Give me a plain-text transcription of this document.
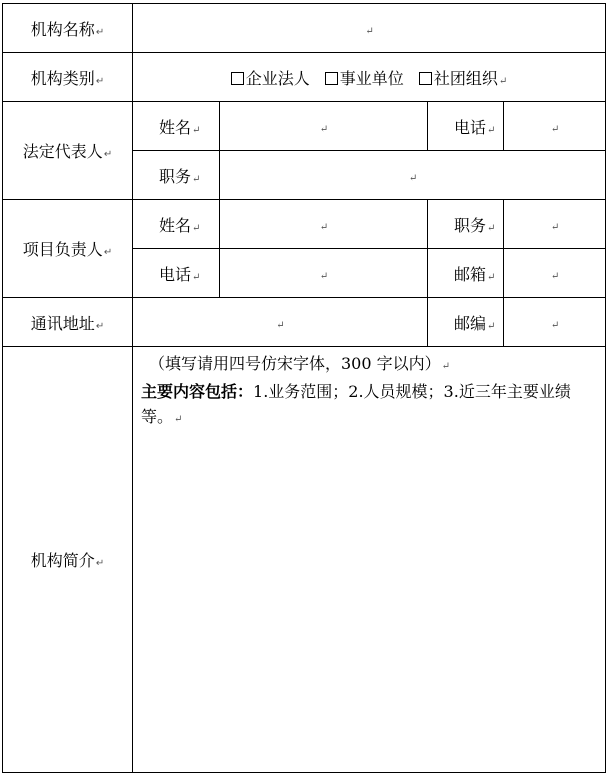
机构名称↵	↵			
机构类别↵	企业法人 事业单位 社团组织↵			
法定代表人↵	姓名↵	↵	电话↵	↵
	职务↵	↵		
项目负责人↵	姓名↵	↵	职务↵	↵
	电话↵	↵	邮箱↵	↵
通讯地址↵	↵		邮编↵	↵
机构简介↵	（填写请用四号仿宋字体，300 字以内）↵
主要内容包括：1.业务范围；2.人员规模；3.近三年主要业绩等。↵			
